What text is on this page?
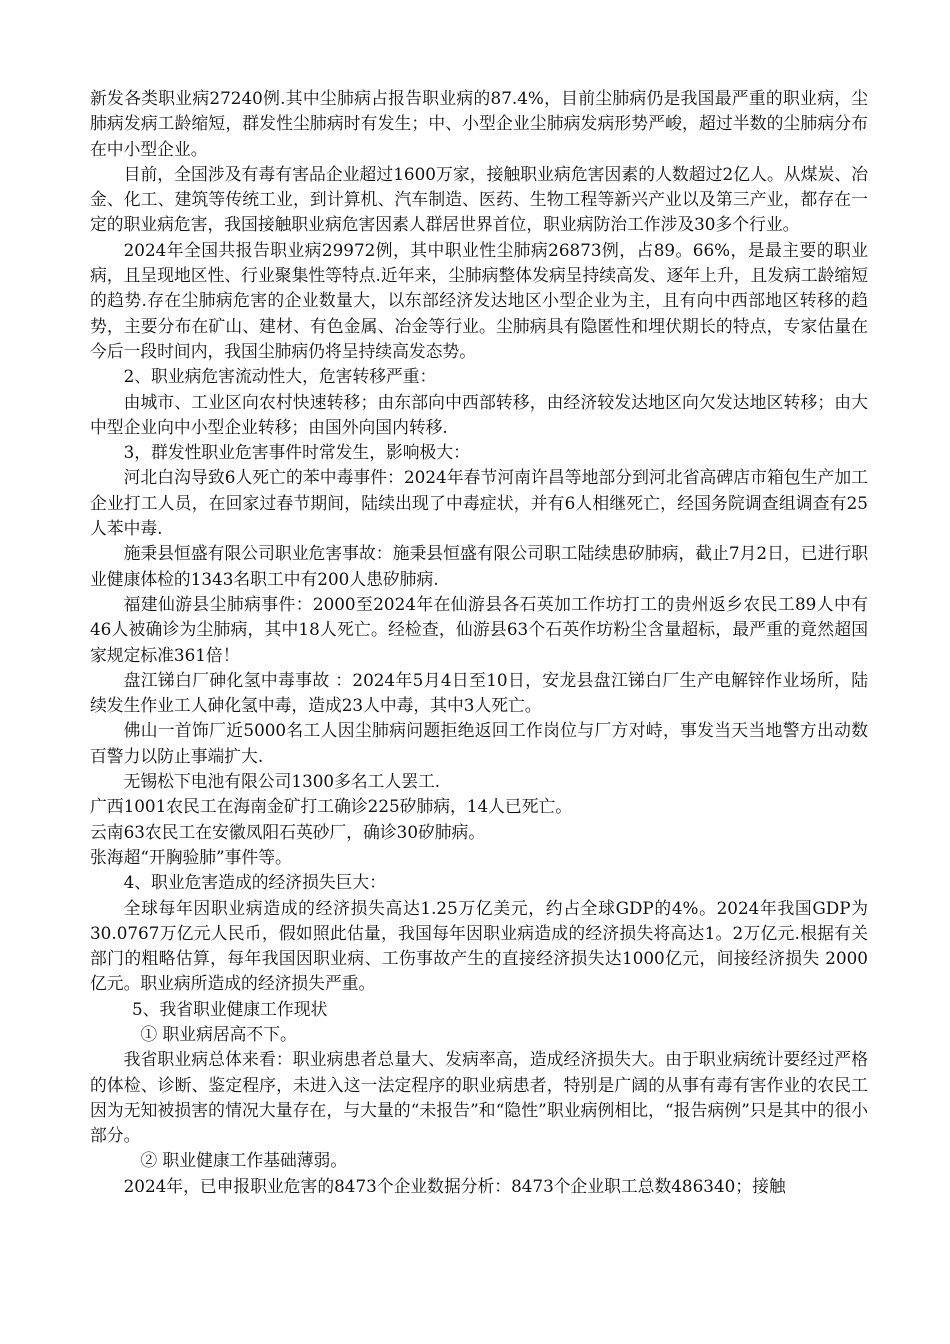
新发各类职业病27240例.其中尘肺病占报告职业病的87.4%，目前尘肺病仍是我国最严重的职业病，尘肺病发病工龄缩短，群发性尘肺病时有发生；中、小型企业尘肺病发病形势严峻，超过半数的尘肺病分布在中小型企业。

目前，全国涉及有毒有害品企业超过1600万家，接触职业病危害因素的人数超过2亿人。从煤炭、冶金、化工、建筑等传统工业，到计算机、汽车制造、医药、生物工程等新兴产业以及第三产业，都存在一定的职业病危害，我国接触职业病危害因素人群居世界首位，职业病防治工作涉及30多个行业。

2024年全国共报告职业病29972例，其中职业性尘肺病26873例，占89。66%，是最主要的职业病，且呈现地区性、行业聚集性等特点.近年来，尘肺病整体发病呈持续高发、逐年上升，且发病工龄缩短的趋势.存在尘肺病危害的企业数量大，以东部经济发达地区小型企业为主，且有向中西部地区转移的趋势，主要分布在矿山、建材、有色金属、冶金等行业。尘肺病具有隐匿性和埋伏期长的特点，专家估量在今后一段时间内，我国尘肺病仍将呈持续高发态势。

2、职业病危害流动性大，危害转移严重：

由城市、工业区向农村快速转移；由东部向中西部转移，由经济较发达地区向欠发达地区转移；由大中型企业向中小型企业转移；由国外向国内转移.

3，群发性职业危害事件时常发生，影响极大：

河北白沟导致6人死亡的苯中毒事件：2024年春节河南许昌等地部分到河北省高碑店市箱包生产加工企业打工人员，在回家过春节期间，陆续出现了中毒症状，并有6人相继死亡，经国务院调查组调查有25人苯中毒.

施秉县恒盛有限公司职业危害事故：施秉县恒盛有限公司职工陆续患矽肺病，截止7月2日，已进行职业健康体检的1343名职工中有200人患矽肺病.

福建仙游县尘肺病事件：2000至2024年在仙游县各石英加工作坊打工的贵州返乡农民工89人中有46人被确诊为尘肺病，其中18人死亡。经检查，仙游县63个石英作坊粉尘含量超标，最严重的竟然超国家规定标准361倍！

盘江锑白厂砷化氢中毒事故 ：2024年5月4日至10日，安龙县盘江锑白厂生产电解锌作业场所，陆续发生作业工人砷化氢中毒，造成23人中毒，其中3人死亡。

佛山一首饰厂近5000名工人因尘肺病问题拒绝返回工作岗位与厂方对峙，事发当天当地警方出动数百警力以防止事端扩大.

无锡松下电池有限公司1300多名工人罢工.

广西1001农民工在海南金矿打工确诊225矽肺病，14人已死亡。

云南63农民工在安徽凤阳石英砂厂，确诊30矽肺病。

张海超“开胸验肺”事件等。

4、职业危害造成的经济损失巨大：

全球每年因职业病造成的经济损失高达1.25万亿美元，约占全球GDP的4%。2024年我国GDP为30.0767万亿元人民币，假如照此估量，我国每年因职业病造成的经济损失将高达1。2万亿元.根据有关部门的粗略估算，每年我国因职业病、工伤事故产生的直接经济损失达1000亿元，间接经济损失 2000 亿元。职业病所造成的经济损失严重。

5、我省职业健康工作现状

① 职业病居高不下。

我省职业病总体来看：职业病患者总量大、发病率高，造成经济损失大。由于职业病统计要经过严格的体检、诊断、鉴定程序，未进入这一法定程序的职业病患者，特别是广阔的从事有毒有害作业的农民工因为无知被损害的情况大量存在，与大量的“未报告”和“隐性”职业病例相比，“报告病例”只是其中的很小部分。

② 职业健康工作基础薄弱。

2024年，已申报职业危害的8473个企业数据分析：8473个企业职工总数486340；接触
